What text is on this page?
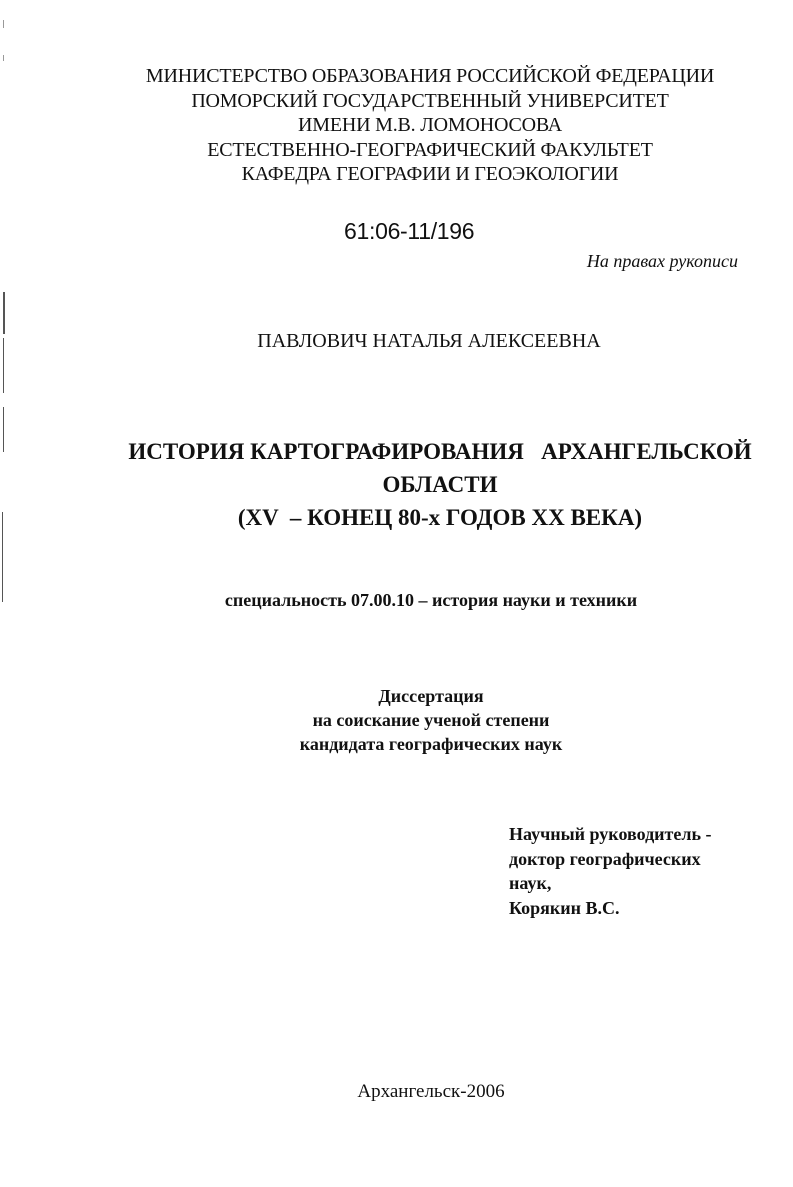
МИНИСТЕРСТВО ОБРАЗОВАНИЯ РОССИЙСКОЙ ФЕДЕРАЦИИ
ПОМОРСКИЙ ГОСУДАРСТВЕННЫЙ УНИВЕРСИТЕТ
ИМЕНИ М.В. ЛОМОНОСОВА
ЕСТЕСТВЕННО-ГЕОГРАФИЧЕСКИЙ ФАКУЛЬТЕТ
КАФЕДРА ГЕОГРАФИИ И ГЕОЭКОЛОГИИ
61:06-11/196
На правах рукописи
ПАВЛОВИЧ НАТАЛЬЯ АЛЕКСЕЕВНА
ИСТОРИЯ КАРТОГРАФИРОВАНИЯ   АРХАНГЕЛЬСКОЙ
ОБЛАСТИ
(XV  – КОНЕЦ 80-х ГОДОВ XX ВЕКА)
специальность 07.00.10 – история науки и техники
Диссертация
на соискание ученой степени
кандидата географических наук
Научный руководитель -
доктор географических
наук,
Корякин В.С.
Архангельск-2006
